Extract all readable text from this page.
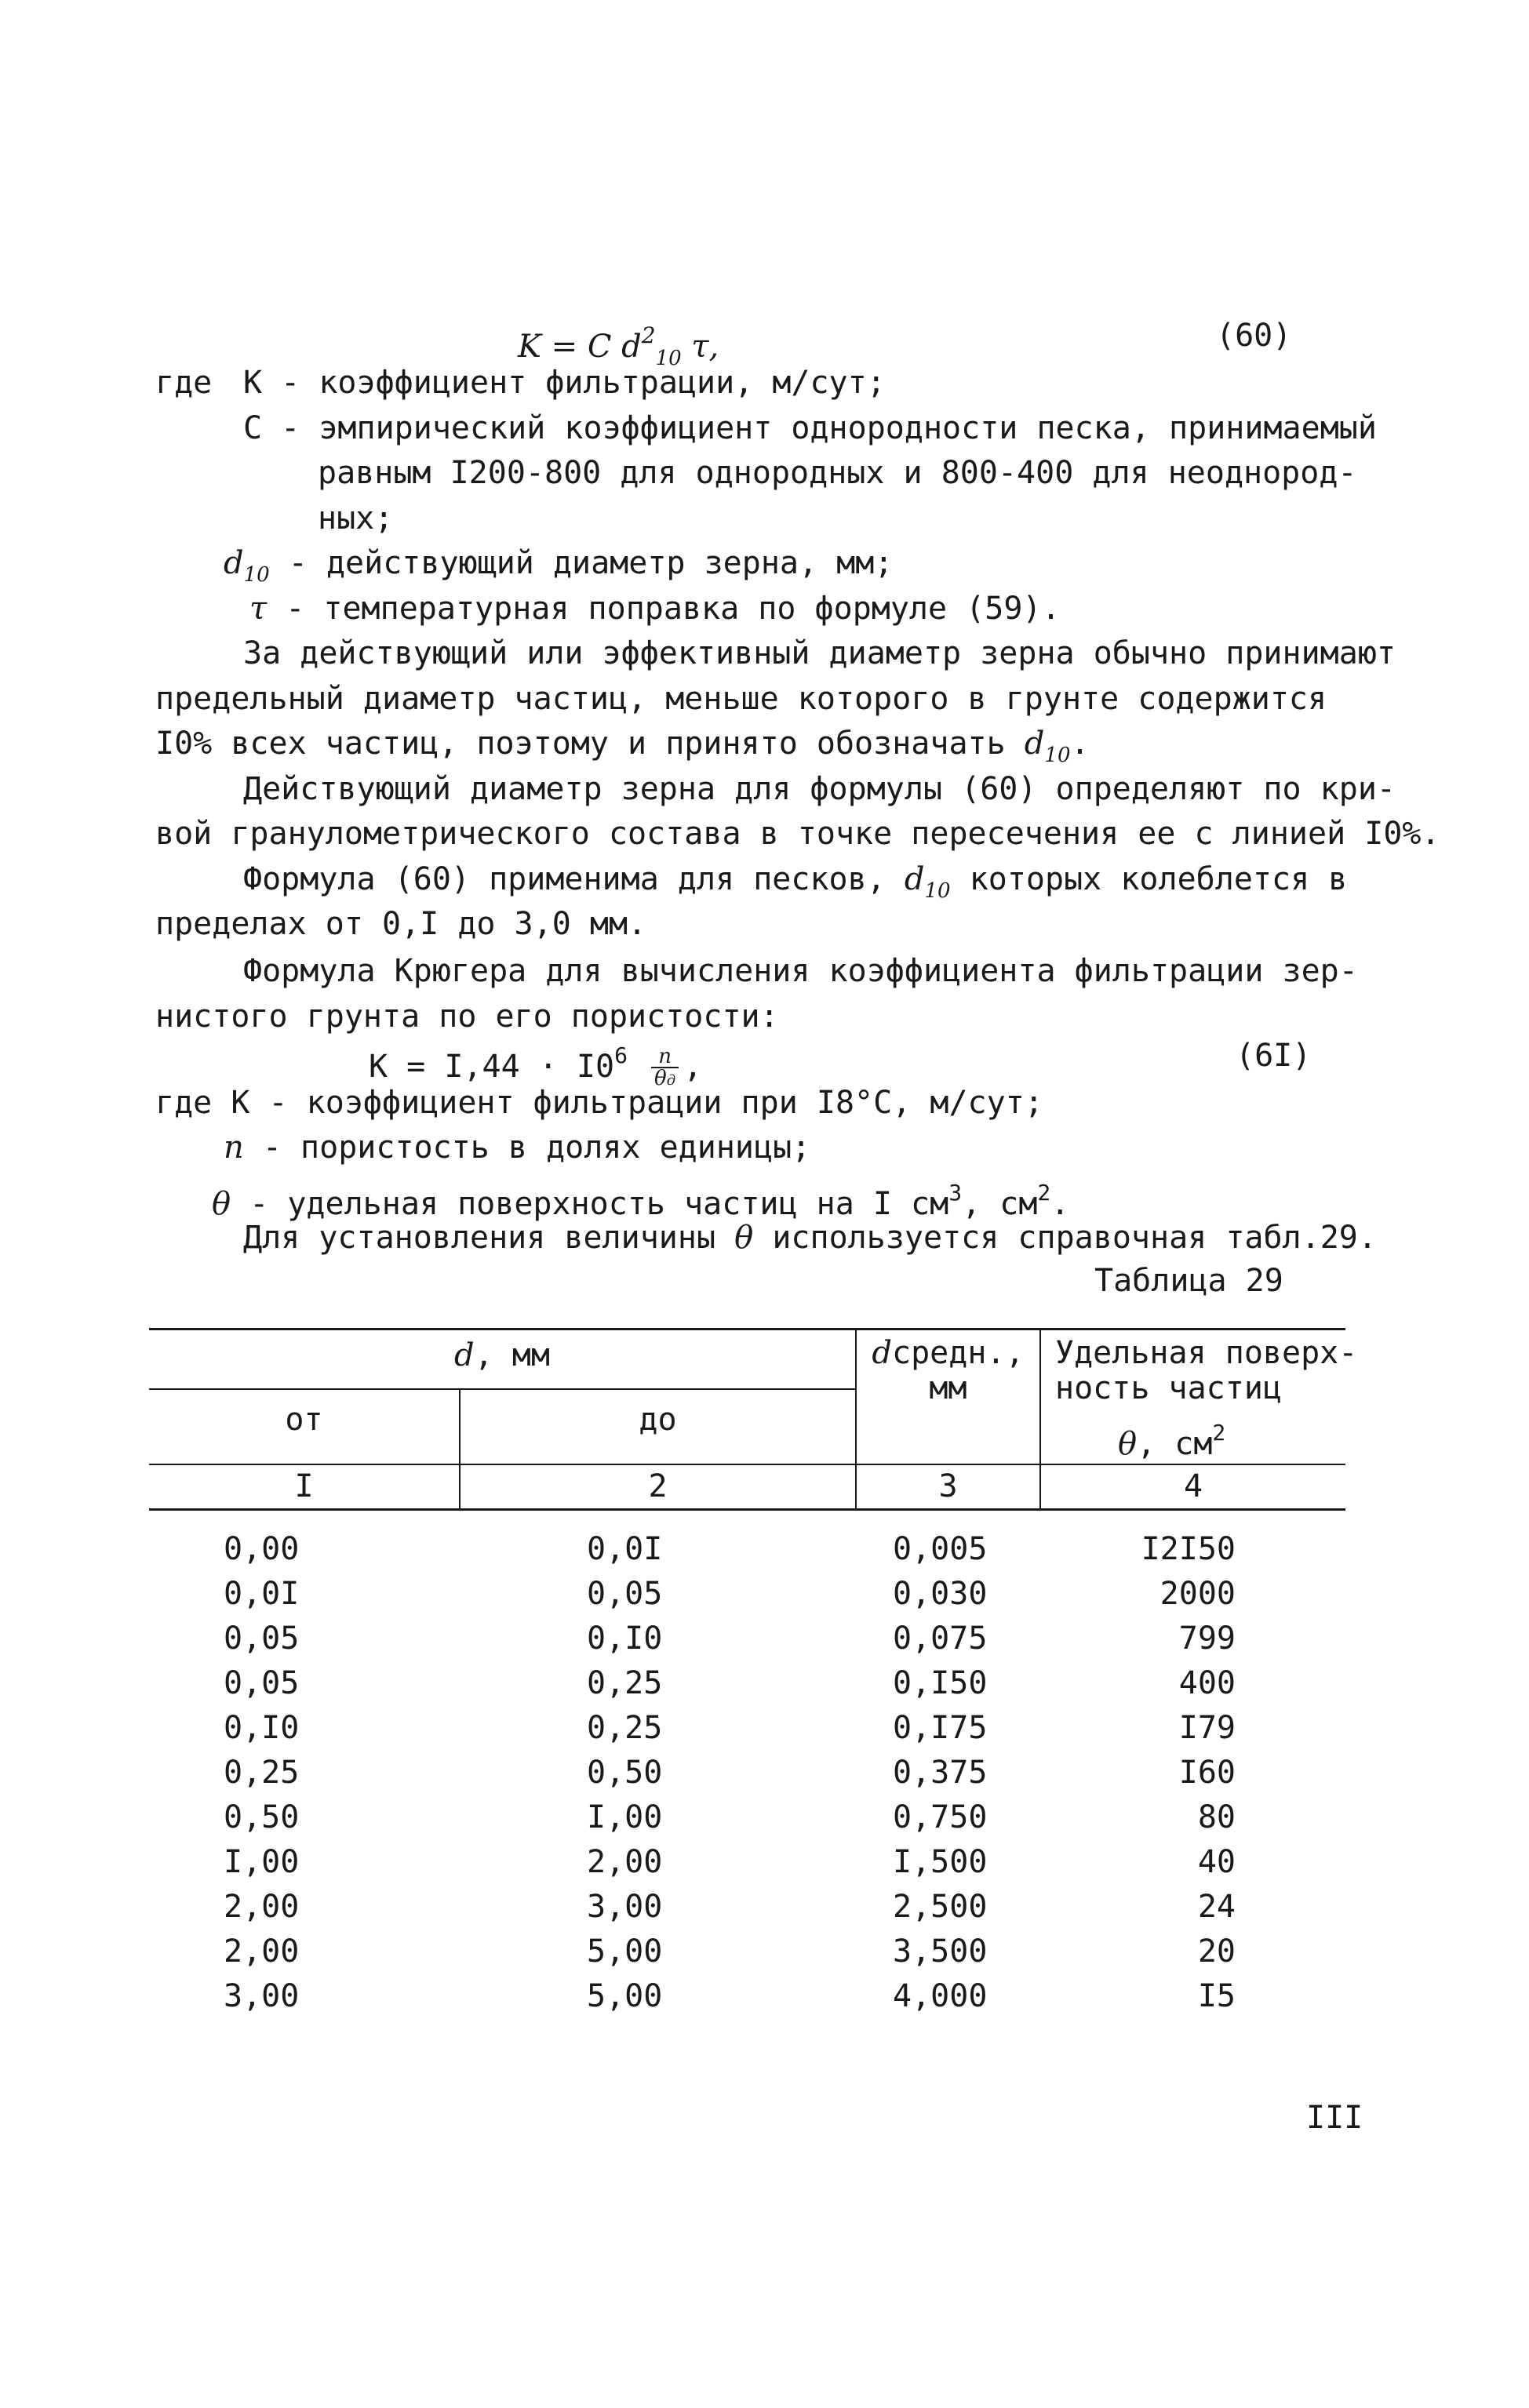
K = C $d^2_{10}$ τ,	(60)
где К - коэффициент фильтрации, м/сут;
С - эмпирический коэффициент однородности песка, принимаемый
равным I200-800 для однородных и 800-400 для неоднород-
ных;
$d_{10}$ - действующий диаметр зерна, мм;
τ - температурная поправка по формуле (59).
За действующий или эффективный диаметр зерна обычно принимают
предельный диаметр частиц, меньше которого в грунте содержится
I0% всех частиц, поэтому и принято обозначать $d_{10}$.
Действующий диаметр зерна для формулы (60) определяют по кри-
вой гранулометрического состава в точке пересечения ее с линией I0%.
Формула (60) применима для песков, $d_{10}$ которых колеблется в
пределах от 0,I до 3,0 мм.
Формула Крюгера для вычисления коэффициента фильтрации зер-
нистого грунта по его пористости:
$К = I,44 \cdot I0^6 \frac{n}{\theta д}$ ,	(6I)
где К - коэффициент фильтрации при I8°С, м/сут;
n - пористость в долях единицы;
θ - удельная поверхность частиц на I $см^3$, $см^2$.
Для установления величины θ используется справочная табл.29.
Таблица 29
d, мм
от	до
dсредн.,
мм
Удельная поверх-
ность частиц
θ, $см^2$
I	2	3	4
0,00	0,0I	0,005	I2I50
0,0I	0,05	0,030	2000
0,05	0,I0	0,075	799
0,05	0,25	0,I50	400
0,I0	0,25	0,I75	I79
0,25	0,50	0,375	I60
0,50	I,00	0,750	80
I,00	2,00	I,500	40
2,00	3,00	2,500	24
2,00	5,00	3,500	20
3,00	5,00	4,000	I5
III
